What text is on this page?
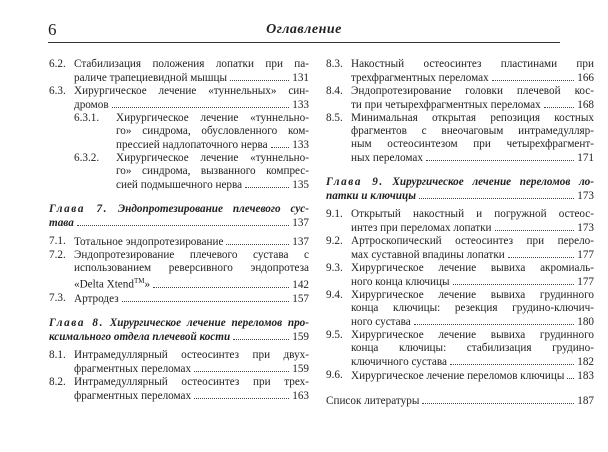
6	Оглавление
6.2. Стабилизация положения лопатки при па-
раличе трапециевидной мышцы	131
6.3. Хирургическое лечение «туннельных» син-
дромов	133
6.3.1.	Хирургическое лечение «туннельно-
го» синдрома, обусловленного ком-
прессией надлопаточного нерва 133
6.3.2.	Хирургическое лечение «туннельно-
го» синдрома, вызванного компрес-
сией подмышечного нерва	135
Глава 7. Эндопротезирование плечевого сус-
тава	137
7.1. Тотальное эндопротезирование	137
7.2. Эндопротезирование плечевого сустава с
использованием реверсивного эндопротеза
«Delta Xtend™»	142
7.3. Артродез	157
Глава 8. Хирургическое лечение переломов про-
ксимального отдела плечевой кости	159
8.1. Интрамедуллярный остеосинтез при двух-
фрагментных переломах	159
8.2. Интрамедуллярный остеосинтез при трех-
фрагментных переломах	163
8.3. Накостный остеосинтез пластинами при
трехфрагментных переломах	166
8.4. Эндопротезирование головки плечевой кос-
ти при четырехфрагментных переломах	168
8.5. Минимальная открытая репозиция костных
фрагментов с внеочаговым интрамедулляр-
ным остеосинтезом при четырехфрагмент-
ных переломах	171
Глава 9. Хирургическое лечение переломов ло-
патки и ключицы	173
9.1. Открытый накостный и погружной остеос-
интез при переломах лопатки	173
9.2. Артроскопический остеосинтез при перело-
мах суставной впадины лопатки	177
9.3. Хирургическое лечение вывиха акромиаль-
ного конца ключицы	177
9.4. Хирургическое лечение вывиха грудинного
конца ключицы: резекция грудино-ключич-
ного сустава	180
9.5. Хирургическое лечение вывиха грудинного
конца ключицы: стабилизация грудино-
ключичного сустава	182
9.6. Хирургическое лечение переломов ключицы 183
Список литературы	187
